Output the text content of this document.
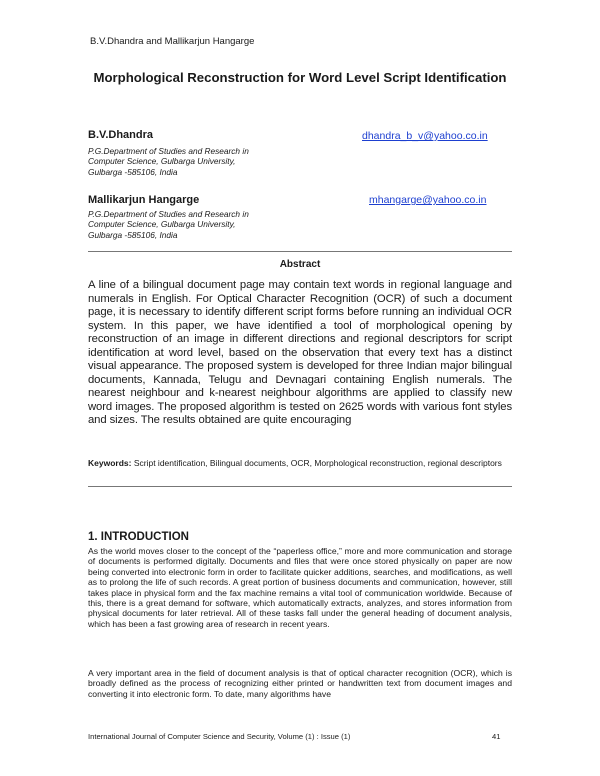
B.V.Dhandra and Mallikarjun Hangarge
Morphological Reconstruction for Word Level Script Identification
B.V.Dhandra	dhandra_b_v@yahoo.co.in
P.G.Department of Studies and Research in
Computer Science, Gulbarga University,
Gulbarga -585106, India
Mallikarjun Hangarge	mhangarge@yahoo.co.in
P.G.Department of Studies and Research in
Computer Science, Gulbarga University,
Gulbarga -585106, India
Abstract
A line of a bilingual document page may contain text words in regional language and numerals in English. For Optical Character Recognition (OCR) of such a document page, it is necessary to identify different script forms before running an individual OCR system. In this paper, we have identified a tool of morphological opening by reconstruction of an image in different directions and regional descriptors for script identification at word level, based on the observation that every text has a distinct visual appearance. The proposed system is developed for three Indian major bilingual documents, Kannada, Telugu and Devnagari containing English numerals. The nearest neighbour and k-nearest neighbour algorithms are applied to classify new word images. The proposed algorithm is tested on 2625 words with various font styles and sizes. The results obtained are quite encouraging
Keywords: Script identification, Bilingual documents, OCR, Morphological reconstruction, regional descriptors
1. INTRODUCTION
As the world moves closer to the concept of the “paperless office,” more and more communication and storage of documents is performed digitally. Documents and files that were once stored physically on paper are now being converted into electronic form in order to facilitate quicker additions, searches, and modifications, as well as to prolong the life of such records. A great portion of business documents and communication, however, still takes place in physical form and the fax machine remains a vital tool of communication worldwide. Because of this, there is a great demand for software, which automatically extracts, analyzes, and stores information from physical documents for later retrieval. All of these tasks fall under the general heading of document analysis, which has been a fast growing area of research in recent years.
A very important area in the field of document analysis is that of optical character recognition (OCR), which is broadly defined as the process of recognizing either printed or handwritten text from document images and converting it into electronic form. To date, many algorithms have
International Journal of Computer Science and Security, Volume (1) : Issue (1)	41
